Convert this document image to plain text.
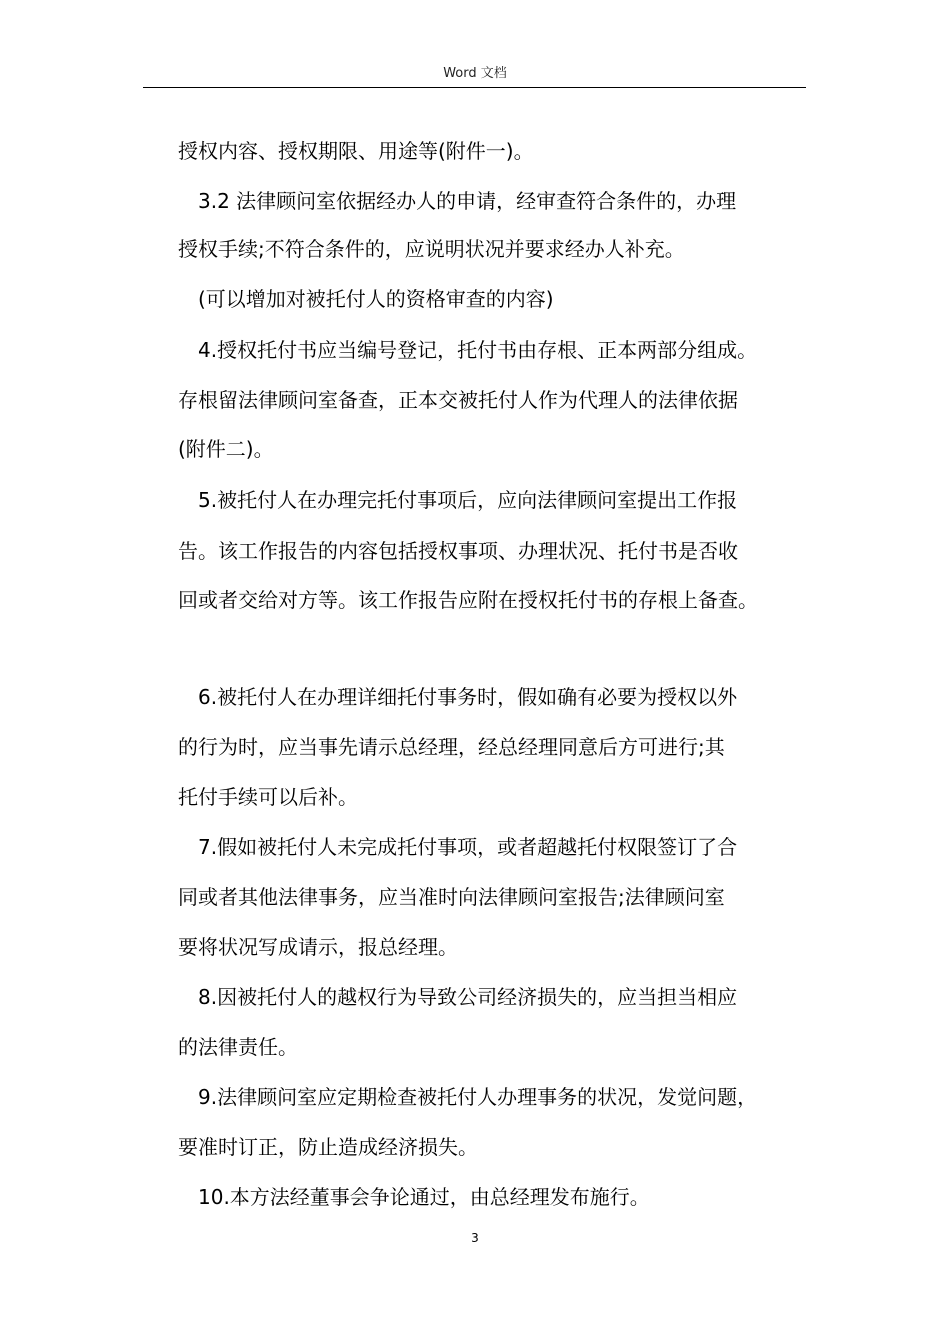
Word 文档
授权内容、授权期限、用途等(附件一)。
3.2 法律顾问室依据经办人的申请，经审查符合条件的，办理
授权手续;不符合条件的，应说明状况并要求经办人补充。
(可以增加对被托付人的资格审查的内容)
4.授权托付书应当编号登记，托付书由存根、正本两部分组成。
存根留法律顾问室备查，正本交被托付人作为代理人的法律依据
(附件二)。
5.被托付人在办理完托付事项后，应向法律顾问室提出工作报
告。该工作报告的内容包括授权事项、办理状况、托付书是否收
回或者交给对方等。该工作报告应附在授权托付书的存根上备查。
6.被托付人在办理详细托付事务时，假如确有必要为授权以外
的行为时，应当事先请示总经理，经总经理同意后方可进行;其
托付手续可以后补。
7.假如被托付人未完成托付事项，或者超越托付权限签订了合
同或者其他法律事务，应当准时向法律顾问室报告;法律顾问室
要将状况写成请示，报总经理。
8.因被托付人的越权行为导致公司经济损失的，应当担当相应
的法律责任。
9.法律顾问室应定期检查被托付人办理事务的状况，发觉问题，
要准时订正，防止造成经济损失。
10.本方法经董事会争论通过，由总经理发布施行。
3
